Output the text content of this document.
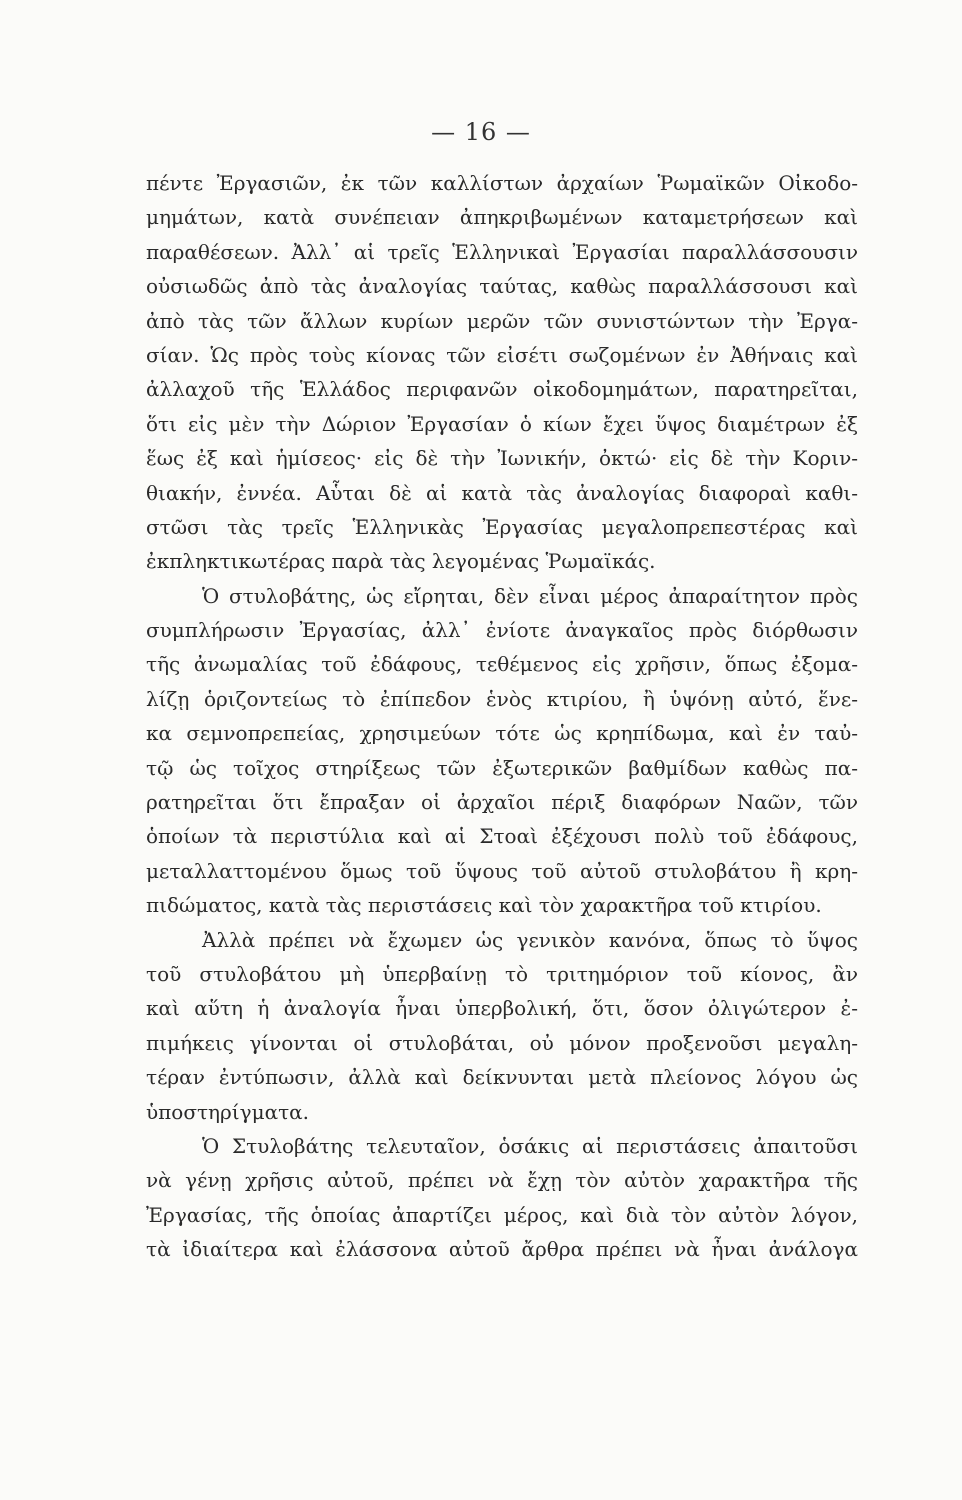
— 16 —
πέντε Ἐργασιῶν, ἐκ τῶν καλλίστων ἀρχαίων Ῥωμαϊκῶν Οἰκοδο-
μημάτων, κατὰ συνέπειαν ἀπηκριβωμένων καταμετρήσεων καὶ
παραθέσεων. Ἀλλ᾽ αἱ τρεῖς Ἑλληνικαὶ Ἐργασίαι παραλλάσσουσιν
οὐσιωδῶς ἀπὸ τὰς ἀναλογίας ταύτας, καθὼς παραλλάσσουσι καὶ
ἀπὸ τὰς τῶν ἄλλων κυρίων μερῶν τῶν συνιστώντων τὴν Ἐργα-
σίαν. Ὡς πρὸς τοὺς κίονας τῶν εἰσέτι σωζομένων ἐν Ἀθήναις καὶ
ἀλλαχοῦ τῆς Ἑλλάδος περιφανῶν οἰκοδομημάτων, παρατηρεῖται,
ὅτι εἰς μὲν τὴν Δώριον Ἐργασίαν ὁ κίων ἔχει ὕψος διαμέτρων ἐξ
ἕως ἐξ καὶ ἡμίσεος· εἰς δὲ τὴν Ἰωνικήν, ὀκτώ· εἰς δὲ τὴν Κοριν-
θιακήν, ἐννέα. Αὗται δὲ αἱ κατὰ τὰς ἀναλογίας διαφοραὶ καθι-
στῶσι τὰς τρεῖς Ἑλληνικὰς Ἐργασίας μεγαλοπρεπεστέρας καὶ
ἐκπληκτικωτέρας παρὰ τὰς λεγομένας Ῥωμαϊκάς.
Ὁ στυλοβάτης, ὡς εἴρηται, δὲν εἶναι μέρος ἀπαραίτητον πρὸς
συμπλήρωσιν Ἐργασίας, ἀλλ᾽ ἐνίοτε ἀναγκαῖος πρὸς διόρθωσιν
τῆς ἀνωμαλίας τοῦ ἐδάφους, τεθέμενος εἰς χρῆσιν, ὅπως ἐξομα-
λίζῃ ὁριζοντείως τὸ ἐπίπεδον ἑνὸς κτιρίου, ἢ ὑψόνῃ αὐτό, ἕνε-
κα σεμνοπρεπείας, χρησιμεύων τότε ὡς κρηπίδωμα, καὶ ἐν ταὐ-
τῷ ὡς τοῖχος στηρίξεως τῶν ἐξωτερικῶν βαθμίδων καθὼς πα-
ρατηρεῖται ὅτι ἔπραξαν οἱ ἀρχαῖοι πέριξ διαφόρων Ναῶν, τῶν
ὁποίων τὰ περιστύλια καὶ αἱ Στοαὶ ἐξέχουσι πολὺ τοῦ ἐδάφους,
μεταλλαττομένου ὅμως τοῦ ὕψους τοῦ αὐτοῦ στυλοβάτου ἢ κρη-
πιδώματος, κατὰ τὰς περιστάσεις καὶ τὸν χαρακτῆρα τοῦ κτιρίου.
Ἀλλὰ πρέπει νὰ ἔχωμεν ὡς γενικὸν κανόνα, ὅπως τὸ ὕψος
τοῦ στυλοβάτου μὴ ὑπερβαίνῃ τὸ τριτημόριον τοῦ κίονος, ἂν
καὶ αὕτη ἡ ἀναλογία ἦναι ὑπερβολική, ὅτι, ὅσον ὀλιγώτερον ἐ-
πιμήκεις γίνονται οἱ στυλοβάται, οὐ μόνον προξενοῦσι μεγαλη-
τέραν ἐντύπωσιν, ἀλλὰ καὶ δείκνυνται μετὰ πλείονος λόγου ὡς
ὑποστηρίγματα.
Ὁ Στυλοβάτης τελευταῖον, ὁσάκις αἱ περιστάσεις ἀπαιτοῦσι
νὰ γένῃ χρῆσις αὐτοῦ, πρέπει νὰ ἔχῃ τὸν αὐτὸν χαρακτῆρα τῆς
Ἐργασίας, τῆς ὁποίας ἀπαρτίζει μέρος, καὶ διὰ τὸν αὐτὸν λόγον,
τὰ ἰδιαίτερα καὶ ἐλάσσονα αὐτοῦ ἄρθρα πρέπει νὰ ἦναι ἀνάλογα
